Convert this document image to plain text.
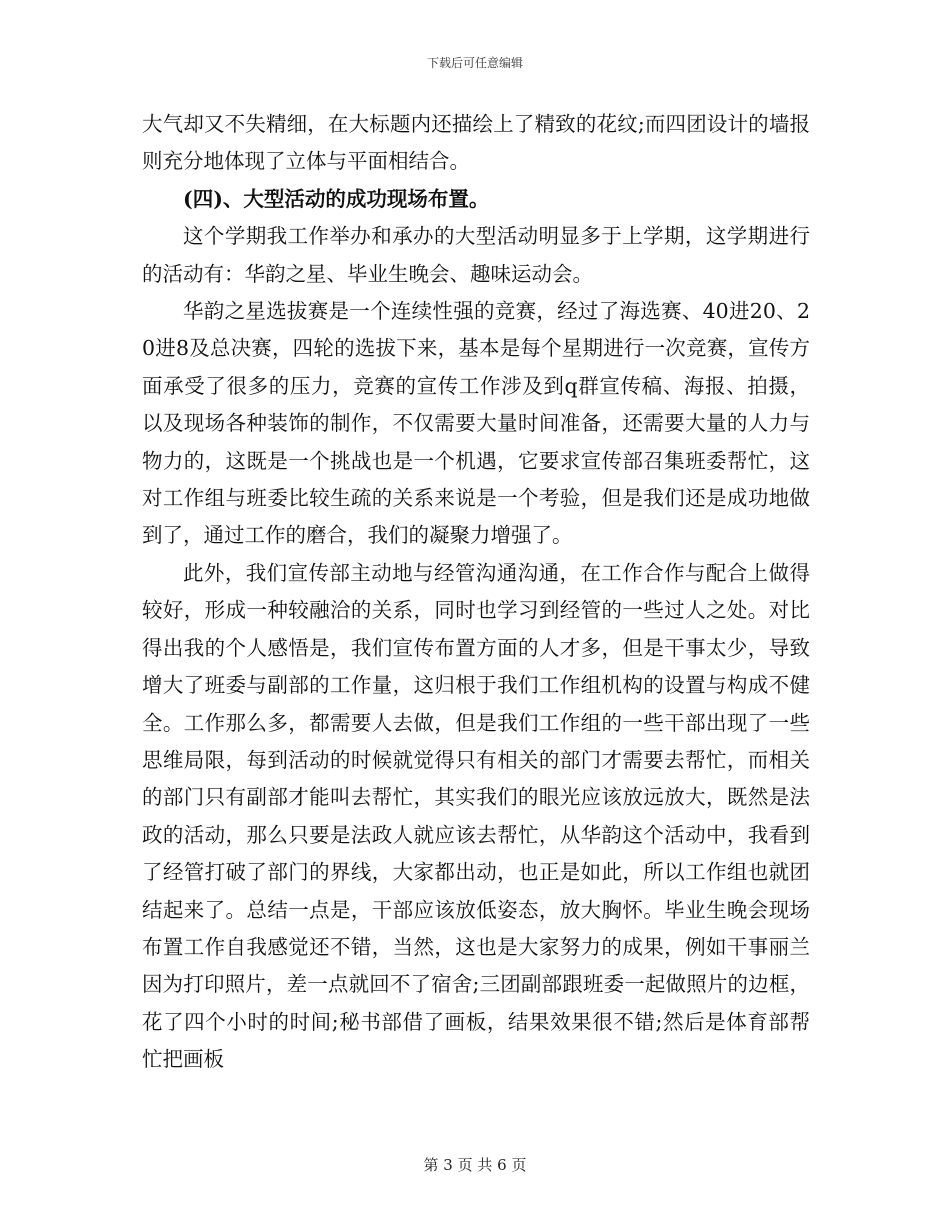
下载后可任意编辑

大气却又不失精细，在大标题内还描绘上了精致的花纹;而四团设计的墙报则充分地体现了立体与平面相结合。

(四)、大型活动的成功现场布置。

这个学期我工作举办和承办的大型活动明显多于上学期，这学期进行的活动有：华韵之星、毕业生晚会、趣味运动会。

华韵之星选拔赛是一个连续性强的竞赛，经过了海选赛、40进20、20进8及总决赛，四轮的选拔下来，基本是每个星期进行一次竞赛，宣传方面承受了很多的压力，竞赛的宣传工作涉及到q群宣传稿、海报、拍摄，以及现场各种装饰的制作，不仅需要大量时间准备，还需要大量的人力与物力的，这既是一个挑战也是一个机遇，它要求宣传部召集班委帮忙，这对工作组与班委比较生疏的关系来说是一个考验，但是我们还是成功地做到了，通过工作的磨合，我们的凝聚力增强了。

此外，我们宣传部主动地与经管沟通沟通，在工作合作与配合上做得较好，形成一种较融洽的关系，同时也学习到经管的一些过人之处。对比得出我的个人感悟是，我们宣传布置方面的人才多，但是干事太少，导致增大了班委与副部的工作量，这归根于我们工作组机构的设置与构成不健全。工作那么多，都需要人去做，但是我们工作组的一些干部出现了一些思维局限，每到活动的时候就觉得只有相关的部门才需要去帮忙，而相关的部门只有副部才能叫去帮忙，其实我们的眼光应该放远放大，既然是法政的活动，那么只要是法政人就应该去帮忙，从华韵这个活动中，我看到了经管打破了部门的界线，大家都出动，也正是如此，所以工作组也就团结起来了。总结一点是，干部应该放低姿态，放大胸怀。毕业生晚会现场布置工作自我感觉还不错，当然，这也是大家努力的成果，例如干事丽兰因为打印照片，差一点就回不了宿舍;三团副部跟班委一起做照片的边框，花了四个小时的时间;秘书部借了画板，结果效果很不错;然后是体育部帮忙把画板

第 3 页 共 6 页
